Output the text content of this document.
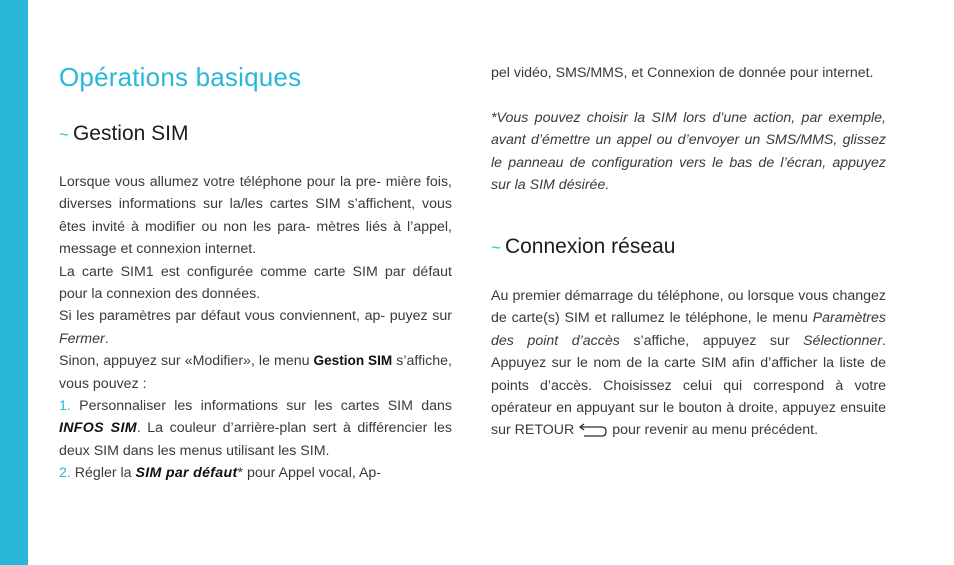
Opérations basiques
~ Gestion SIM

Lorsque vous allumez votre téléphone pour la pre- mière fois, diverses informations sur la/les cartes SIM s’affichent, vous êtes invité à modifier ou non les para- mètres liés à l’appel, message et connexion internet.

La carte SIM1 est configurée comme carte SIM par défaut pour la connexion des données.

Si les paramètres par défaut vous conviennent, ap- puyez sur Fermer.

Sinon, appuyez sur «Modifier», le menu Gestion SIM s’affiche, vous pouvez :

1. Personnaliser les informations sur les cartes SIM dans INFOS SIM. La couleur d’arrière-plan sert à différencier les deux SIM dans les menus utilisant les SIM.

2. Régler la SIM par défaut* pour Appel vocal, Ap-

*Vous pouvez choisir la SIM lors d’une action, par exemple, avant d’émettre un appel ou d’envoyer un SMS/MMS, glissez le panneau de configuration vers le bas de l’écran, appuyez sur la SIM désirée.

~ Connexion réseau

Au premier démarrage du téléphone, ou lorsque vous changez de carte(s) SIM et rallumez le téléphone, le menu Paramètres des point d’accès s’affiche, appuyez sur Sélectionner. Appuyez sur le nom de la carte SIM afin d’afficher la liste de points d’accès. Choisissez celui qui correspond à votre opérateur en appuyant sur le bouton à droite, appuyez ensuite sur RETOUR	pour revenir au menu précédent.

pel vidéo, SMS/MMS, et Connexion de donnée pour internet.
